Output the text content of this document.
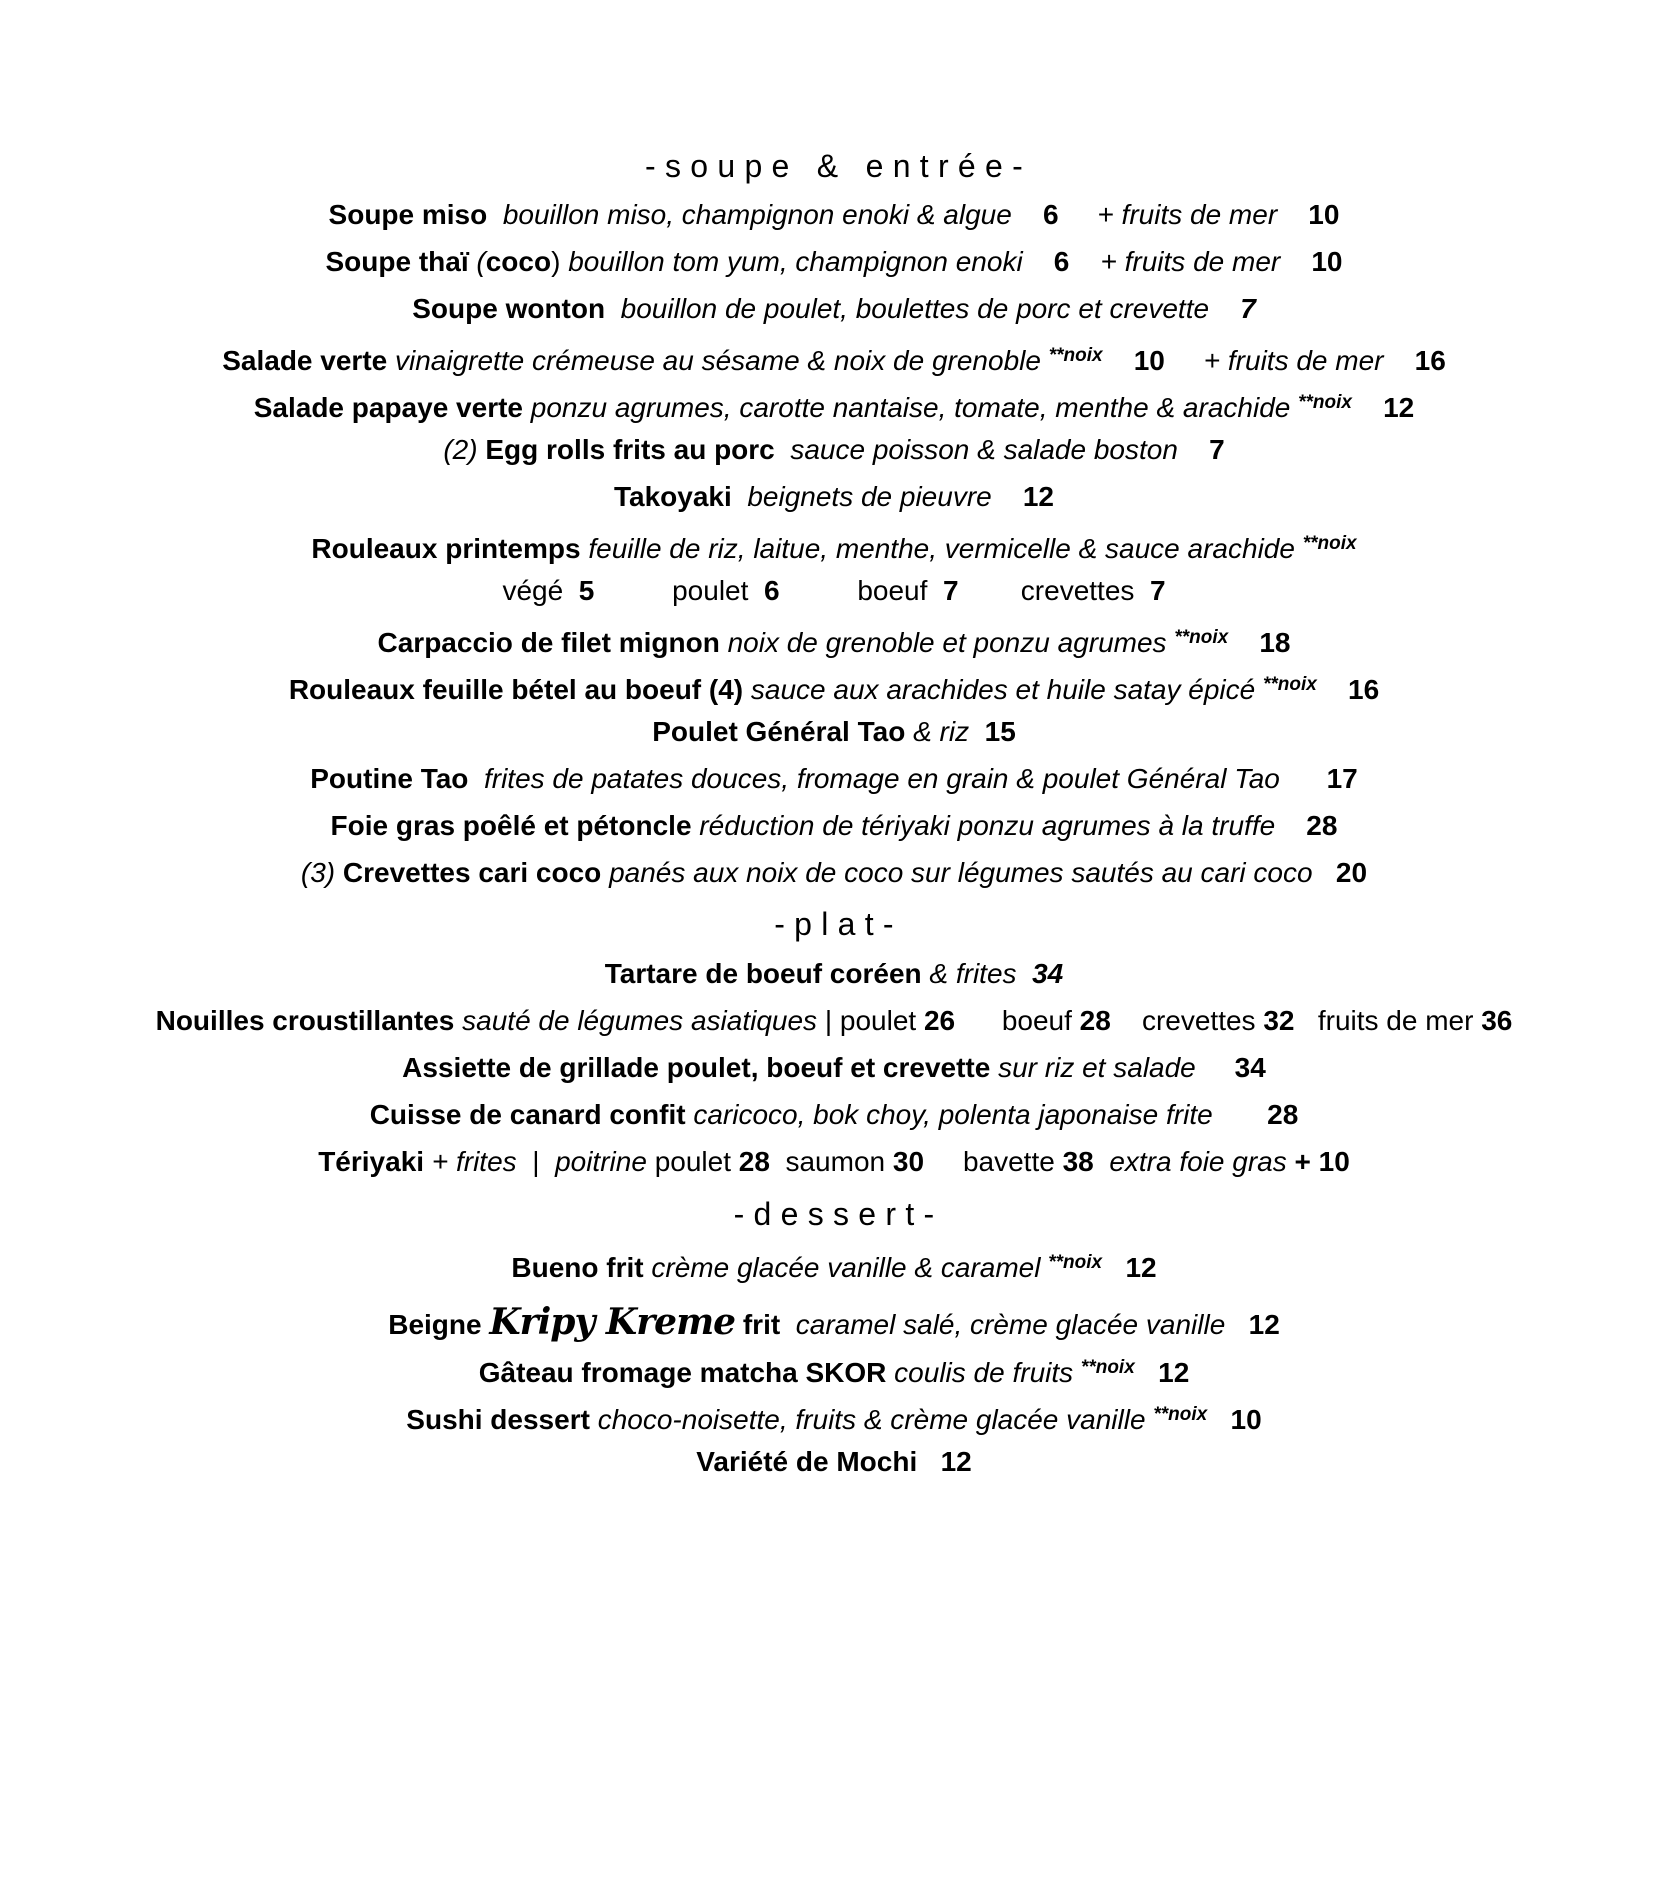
- s o u p e   &   e n t r é e -
Soupe miso bouillon miso, champignon enoki & algue 6 + fruits de mer 10
Soupe thaï (coco) bouillon tom yum, champignon enoki 6 + fruits de mer 10
Soupe wonton bouillon de poulet, boulettes de porc et crevette 7
Salade verte vinaigrette crémeuse au sésame & noix de grenoble $^{**noix}$ 10 + fruits de mer 16
Salade papaye verte ponzu agrumes, carotte nantaise, tomate, menthe & arachide $^{**noix}$ 12
(2) Egg rolls frits au porc sauce poisson & salade boston 7
Takoyaki beignets de pieuvre 12
Rouleaux printemps feuille de riz, laitue, menthe, vermicelle & sauce arachide $^{**noix}$
végé 5	poulet 6	boeuf 7 crevettes 7
Carpaccio de filet mignon noix de grenoble et ponzu agrumes $^{**noix}$ 18
Rouleaux feuille bétel au boeuf (4) sauce aux arachides et huile satay épicé $^{**noix}$ 16
Poulet Général Tao & riz 15
Poutine Tao frites de patates douces, fromage en grain & poulet Général Tao 17
Foie gras poêlé et pétoncle réduction de tériyaki ponzu agrumes à la truffe 28
(3) Crevettes cari coco panés aux noix de coco sur légumes sautés au cari coco 20
- p l a t -
Tartare de boeuf coréen & frites 34
Nouilles croustillantes sauté de légumes asiatiques | poulet 26 boeuf 28 crevettes 32 fruits de mer 36
Assiette de grillade poulet, boeuf et crevette sur riz et salade 34
Cuisse de canard confit caricoco, bok choy, polenta japonaise frite 28
Tériyaki + frites | poitrine poulet 28 saumon 30 bavette 38 extra foie gras + 10
- d e s s e r t -
Bueno frit crème glacée vanille & caramel $^{**noix}$ 12
Beigne Kripy Kreme frit caramel salé, crème glacée vanille 12
Gâteau fromage matcha SKOR coulis de fruits $^{**noix}$ 12
Sushi dessert choco-noisette, fruits & crème glacée vanille $^{**noix}$ 10
Variété de Mochi 12
